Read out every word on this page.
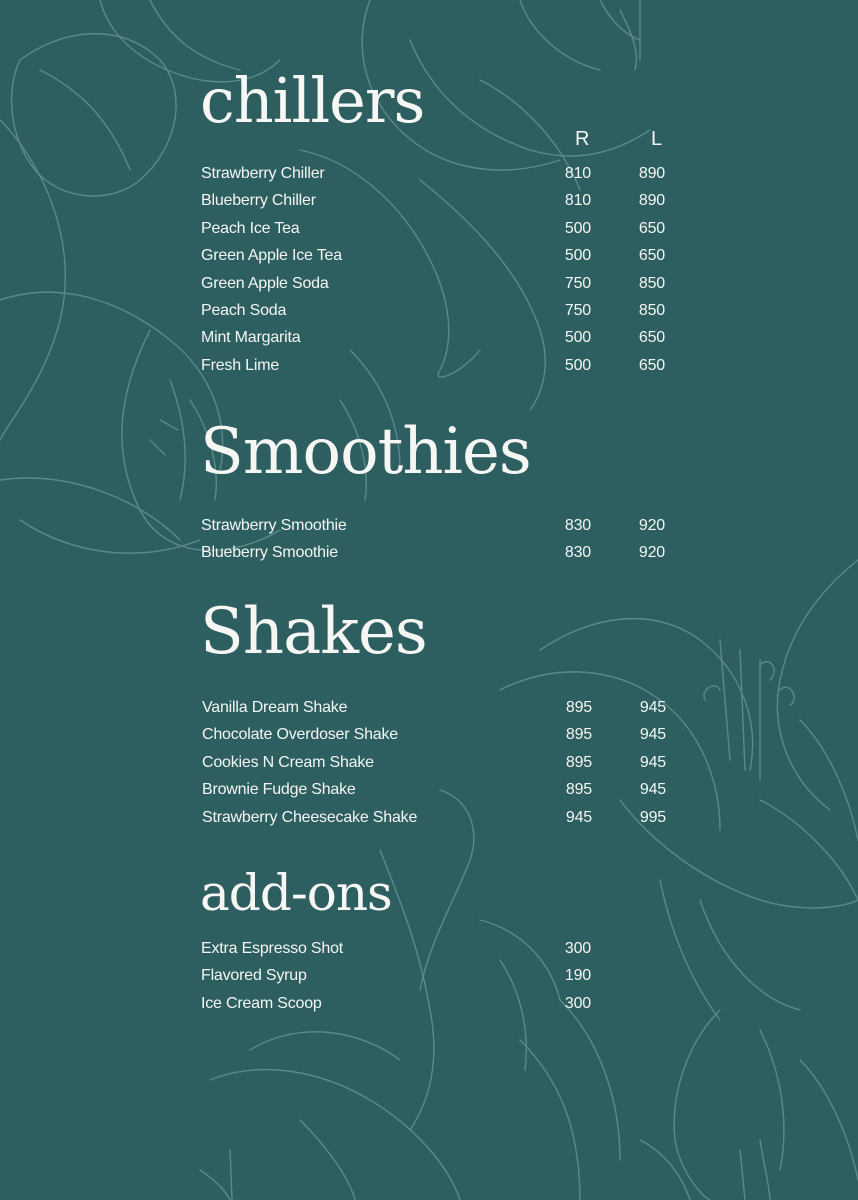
chillers
R	L
Strawberry Chiller	810	890
Blueberry Chiller	810	890
Peach Ice Tea	500	650
Green Apple Ice Tea	500	650
Green Apple Soda	750	850
Peach Soda	750	850
Mint Margarita	500	650
Fresh Lime	500	650
Smoothies
Strawberry Smoothie	830	920
Blueberry Smoothie	830	920
Shakes
Vanilla Dream Shake	895	945
Chocolate Overdoser Shake	895	945
Cookies N Cream Shake	895	945
Brownie Fudge Shake	895	945
Strawberry Cheesecake Shake	945	995
add-ons
Extra Espresso Shot	300
Flavored Syrup	190
Ice Cream Scoop	300
